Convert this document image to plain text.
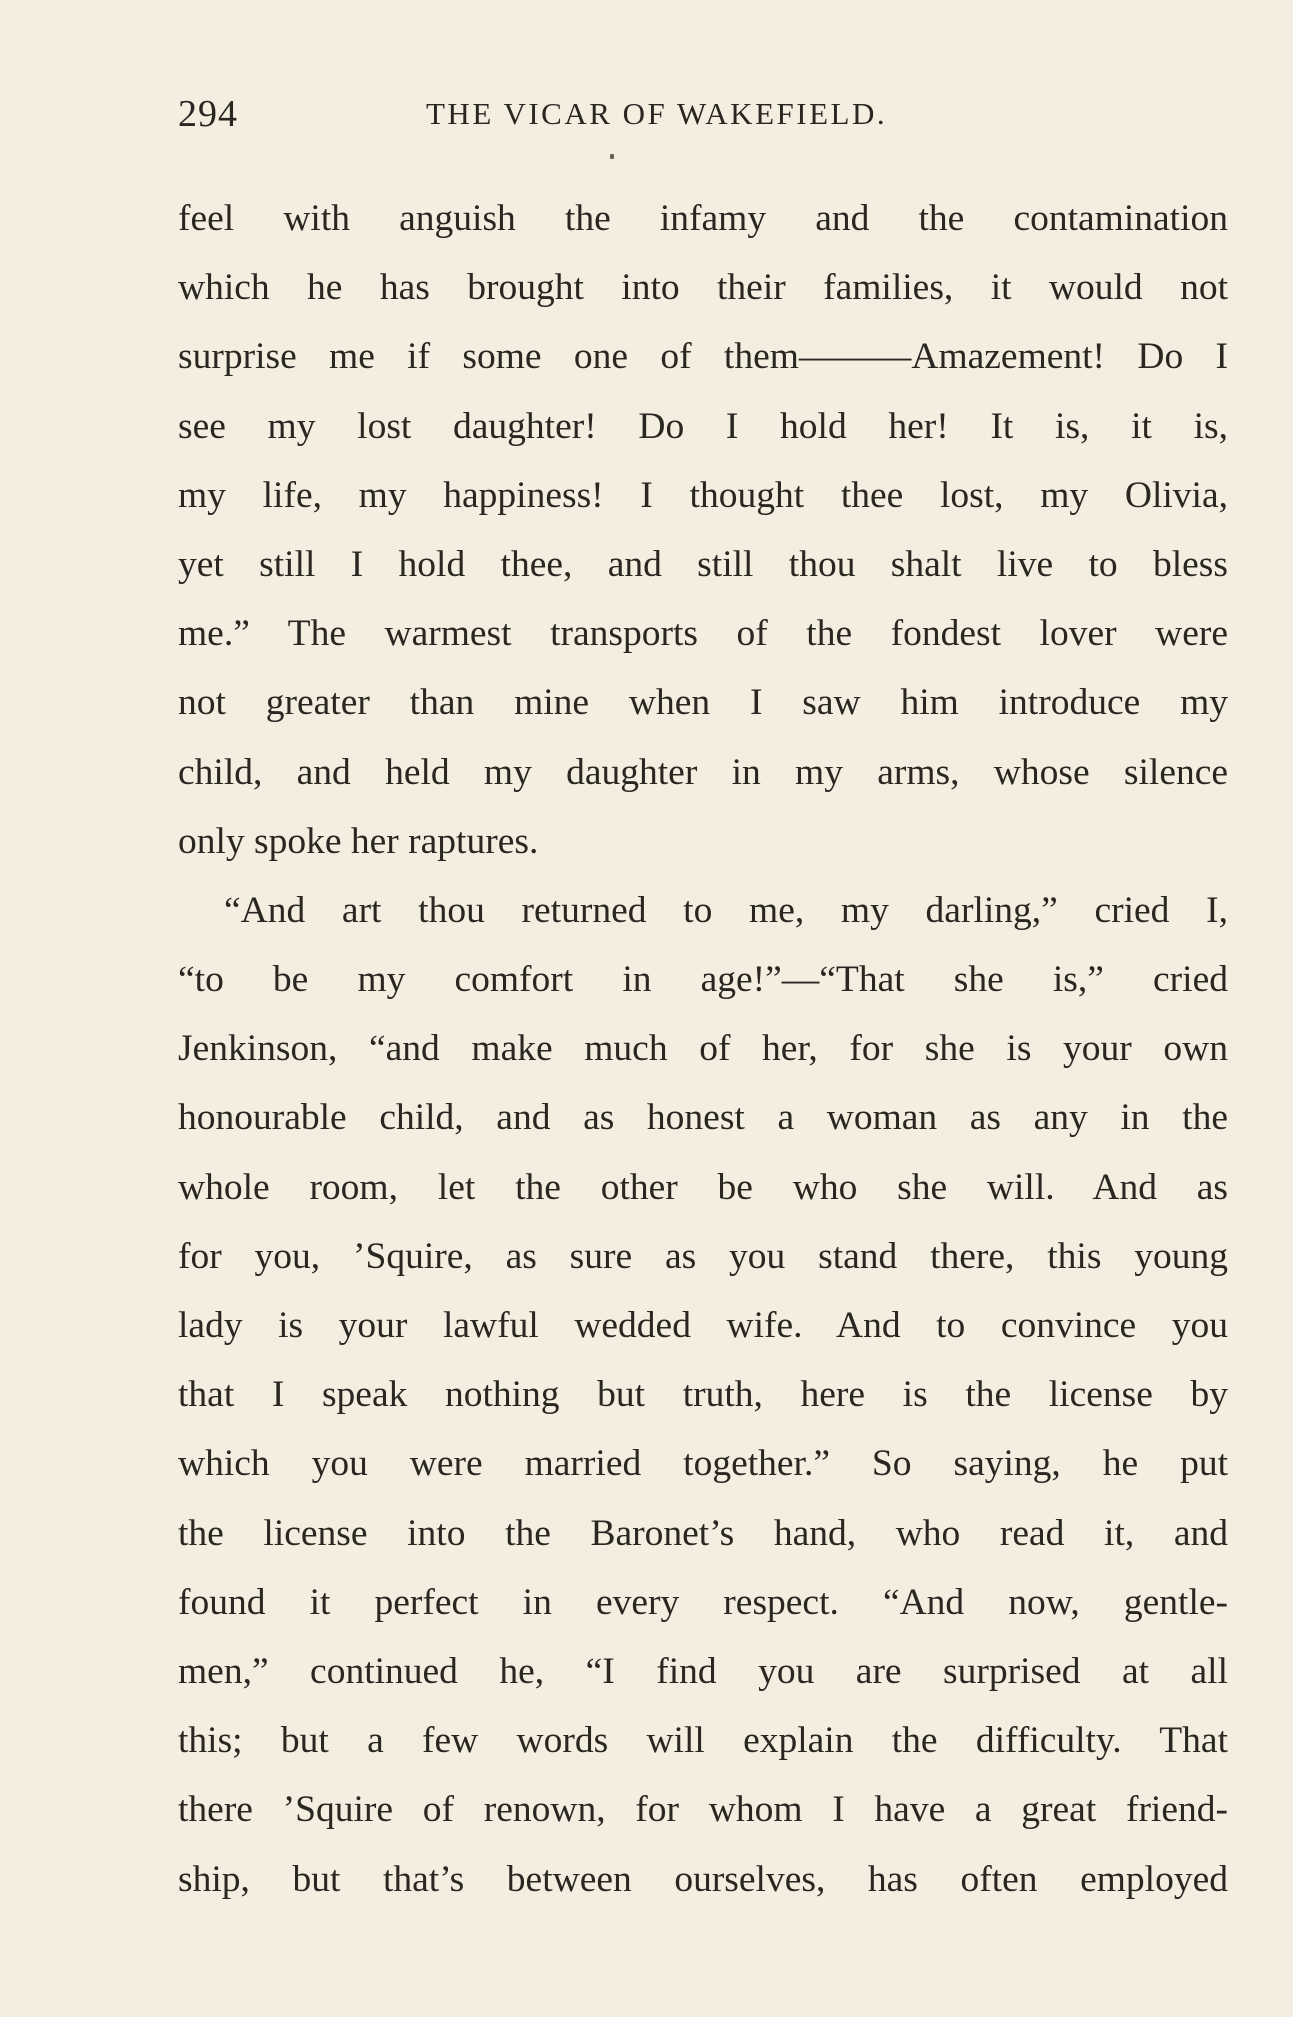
294	THE VICAR OF WAKEFIELD.
feel with anguish the infamy and the contamination
which he has brought into their families, it would not
surprise me if some one of them———Amazement! Do I
see my lost daughter! Do I hold her! It is, it is,
my life, my happiness! I thought thee lost, my Olivia,
yet still I hold thee, and still thou shalt live to bless
me.” The warmest transports of the fondest lover were
not greater than mine when I saw him introduce my
child, and held my daughter in my arms, whose silence
only spoke her raptures.
“And art thou returned to me, my darling,” cried I,
“to be my comfort in age!”—“That she is,” cried
Jenkinson, “and make much of her, for she is your own
honourable child, and as honest a woman as any in the
whole room, let the other be who she will. And as
for you, ’Squire, as sure as you stand there, this young
lady is your lawful wedded wife. And to convince you
that I speak nothing but truth, here is the license by
which you were married together.” So saying, he put
the license into the Baronet’s hand, who read it, and
found it perfect in every respect. “And now, gentle-
men,” continued he, “I find you are surprised at all
this; but a few words will explain the difficulty. That
there ’Squire of renown, for whom I have a great friend-
ship, but that’s between ourselves, has often employed
